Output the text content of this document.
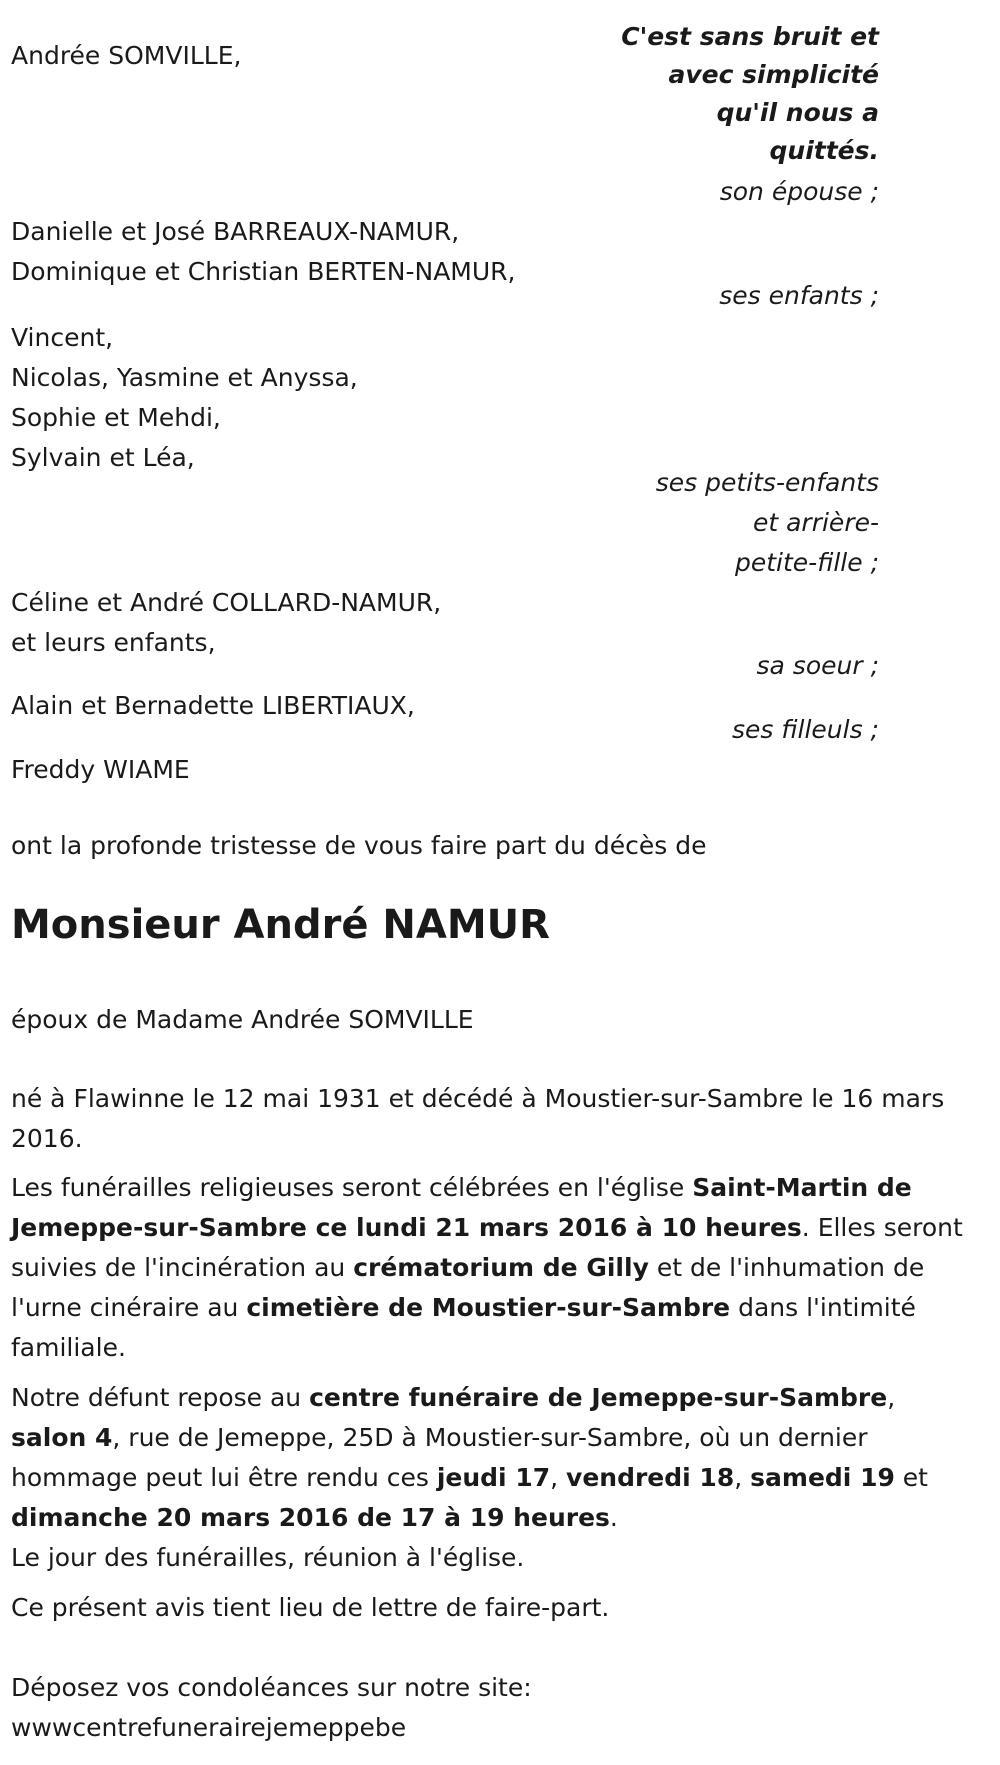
C'est sans bruit et
avec simplicité
qu'il nous a
quittés.

Andrée SOMVILLE,

son épouse ;

Danielle et José BARREAUX-NAMUR,

Dominique et Christian BERTEN-NAMUR,

ses enfants ;

Vincent,

Nicolas, Yasmine et Anyssa,

Sophie et Mehdi,

Sylvain et Léa,

ses petits-enfants

et arrière-

petite-fille ;

Céline et André COLLARD-NAMUR,

et leurs enfants,

sa soeur ;

Alain et Bernadette LIBERTIAUX,

ses filleuls ;

Freddy WIAME

ont la profonde tristesse de vous faire part du décès de

Monsieur André NAMUR

époux de Madame Andrée SOMVILLE

né à Flawinne le 12 mai 1931 et décédé à Moustier-sur-Sambre le 16 mars 2016.

Les funérailles religieuses seront célébrées en l'église Saint-Martin de Jemeppe-sur-Sambre ce lundi 21 mars 2016 à 10 heures. Elles seront suivies de l'incinération au crématorium de Gilly et de l'inhumation de l'urne cinéraire au cimetière de Moustier-sur-Sambre dans l'intimité familiale.

Notre défunt repose au centre funéraire de Jemeppe-sur-Sambre, salon 4, rue de Jemeppe, 25D à Moustier-sur-Sambre, où un dernier hommage peut lui être rendu ces jeudi 17, vendredi 18, samedi 19 et dimanche 20 mars 2016 de 17 à 19 heures.

Le jour des funérailles, réunion à l'église.

Ce présent avis tient lieu de lettre de faire-part.

Déposez vos condoléances sur notre site:

wwwcentrefunerairejemeppebe
